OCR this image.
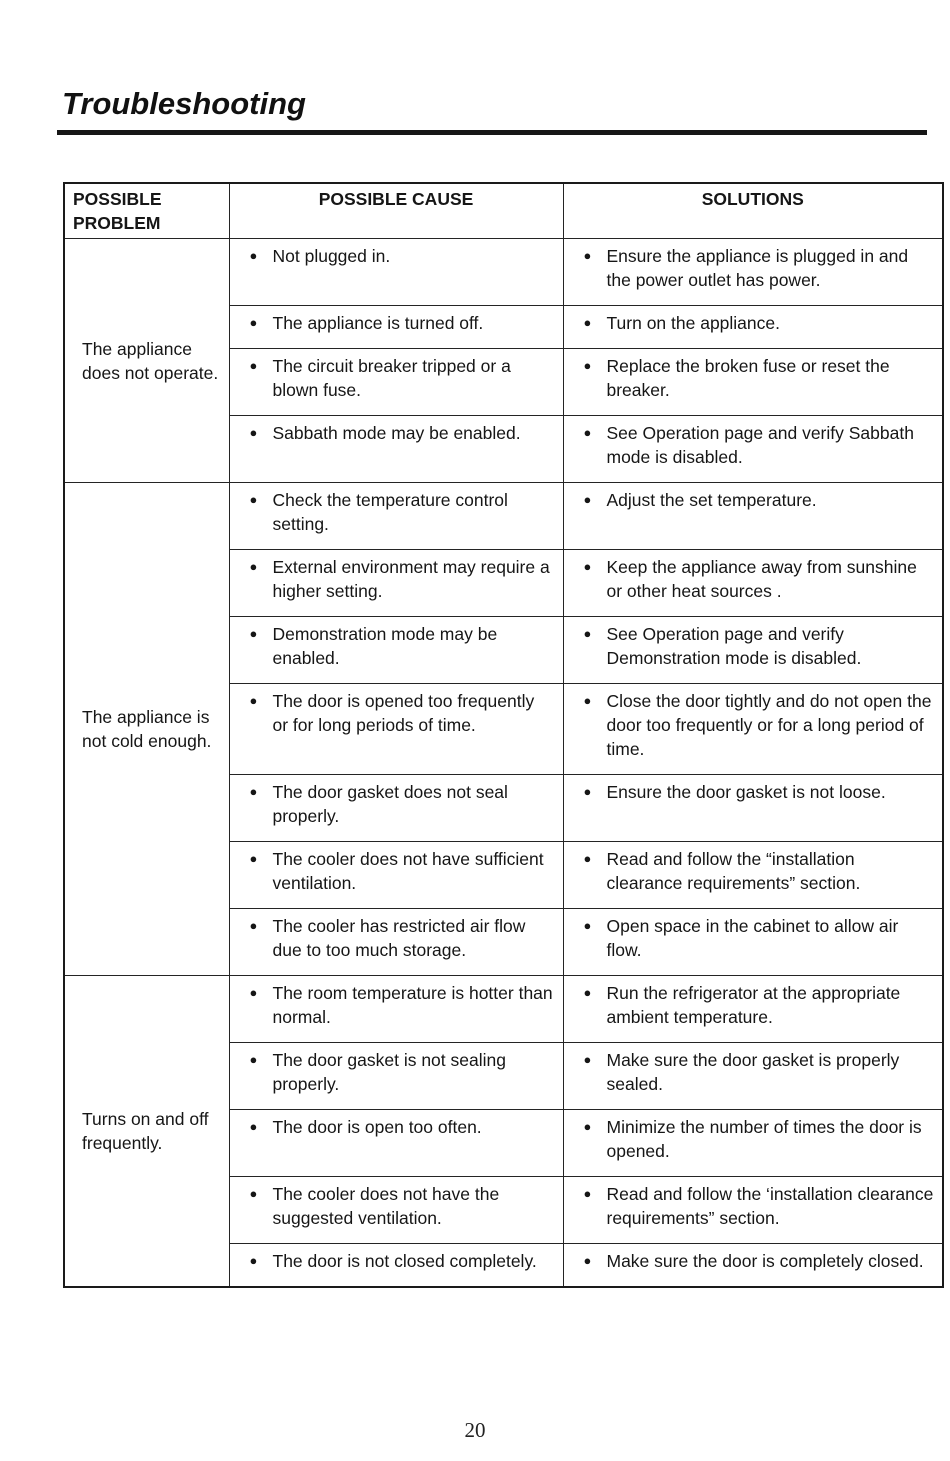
Troubleshooting
POSSIBLE PROBLEM	POSSIBLE CAUSE	SOLUTIONS
The appliance does not operate.	● Not plugged in.	● Ensure the appliance is plugged in and the power outlet has power.

	● The appliance is turned off.	● Turn on the appliance.

	● The circuit breaker tripped or a blown fuse.	● Replace the broken fuse or reset the breaker.

	● Sabbath mode may be enabled.	● See Operation page and verify Sabbath mode is disabled.

The appliance is not cold enough.	● Check the temperature control setting.	● Adjust the set temperature.

	● External environment may require a higher setting.	● Keep the appliance away from sunshine or other heat sources .

	● Demonstration mode may be enabled.	● See Operation page and verify Demonstration mode is disabled.

	● The door is opened too frequently or for long periods of time.	● Close the door tightly and do not open the door too frequently or for a long period of time.

	● The door gasket does not seal properly.	● Ensure the door gasket is not loose.

	● The cooler does not have sufficient ventilation.	● Read and follow the “installation clearance requirements” section.

	● The cooler has restricted air flow due to too much storage.	● Open space in the cabinet to allow air flow.

Turns on and off frequently.	● The room temperature is hotter than normal.	● Run the refrigerator at the appropriate ambient temperature.

	● The door gasket is not sealing properly.	● Make sure the door gasket is properly sealed.

	● The door is open too often.	● Minimize the number of times the door is opened.

	● The cooler does not have the suggested ventilation.	● Read and follow the ‘installation clearance requirements” section.

	● The door is not closed completely.	● Make sure the door is completely closed.
20
